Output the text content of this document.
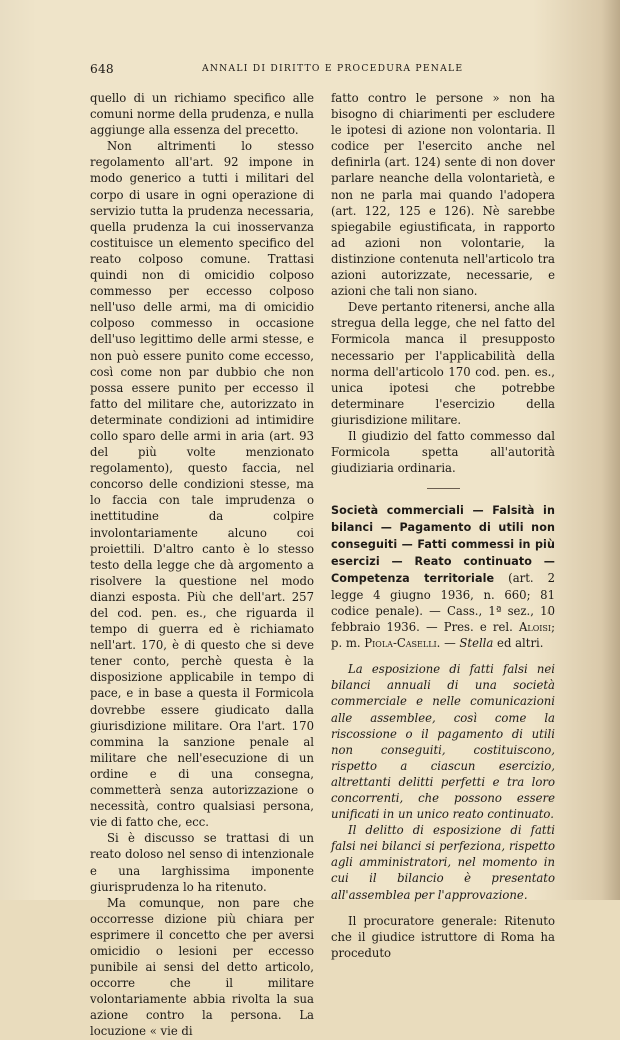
648	ANNALI DI DIRITTO E PROCEDURA PENALE

quello di un richiamo specifico alle comuni norme della prudenza, e nulla aggiunge alla essenza del precetto.

Non altrimenti lo stesso regolamento all'art. 92 impone in modo generico a tutti i militari del corpo di usare in ogni operazione di servizio tutta la prudenza necessaria, quella prudenza la cui inosservanza costituisce un elemento specifico del reato colposo comune. Trattasi quindi non di omicidio colposo commesso per eccesso colposo nell'uso delle armi, ma di omicidio colposo commesso in occasione dell'uso legittimo delle armi stesse, e non può essere punito come eccesso, così come non par dubbio che non possa essere punito per eccesso il fatto del militare che, autorizzato in determinate condizioni ad intimidire collo sparo delle armi in aria (art. 93 del più volte menzionato regolamento), questo faccia, nel concorso delle condizioni stesse, ma lo faccia con tale imprudenza o inettitudine da colpire involontariamente alcuno coi proiettili. D'altro canto è lo stesso testo della legge che dà argomento a risolvere la questione nel modo dianzi esposta. Più che dell'art. 257 del cod. pen. es., che riguarda il tempo di guerra ed è richiamato nell'art. 170, è di questo che si deve tener conto, perchè questa è la disposizione applicabile in tempo di pace, e in base a questa il Formicola dovrebbe essere giudicato dalla giurisdizione militare. Ora l'art. 170 commina la sanzione penale al militare che nell'esecuzione di un ordine e di una consegna, commetterà senza autorizzazione o necessità, contro qualsiasi persona, vie di fatto che, ecc.

Si è discusso se trattasi di un reato doloso nel senso di intenzionale e una larghissima imponente giurisprudenza lo ha ritenuto.

Ma comunque, non pare che occorresse dizione più chiara per esprimere il concetto che per aversi omicidio o lesioni per eccesso punibile ai sensi del detto articolo, occorre che il militare volontariamente abbia rivolta la sua azione contro la persona. La locuzione « vie di

fatto contro le persone » non ha bisogno di chiarimenti per escludere le ipotesi di azione non volontaria. Il codice per l'esercito anche nel definirla (art. 124) sente di non dover parlare neanche della volontarietà, e non ne parla mai quando l'adopera (art. 122, 125 e 126). Nè sarebbe spiegabile egiustificata, in rapporto ad azioni non volontarie, la distinzione contenuta nell'articolo tra azioni autorizzate, necessarie, e azioni che tali non siano.

Deve pertanto ritenersi, anche alla stregua della legge, che nel fatto del Formicola manca il presupposto necessario per l'applicabilità della norma dell'articolo 170 cod. pen. es., unica ipotesi che potrebbe determinare l'esercizio della giurisdizione militare.

Il giudizio del fatto commesso dal Formicola spetta all'autorità giudiziaria ordinaria.

Società commerciali — Falsità in bilanci — Pagamento di utili non conseguiti — Fatti commessi in più esercizi — Reato continuato — Competenza territoriale (art. 2 legge 4 giugno 1936, n. 660; 81 codice penale). — Cass., 1ª sez., 10 febbraio 1936. — Pres. e rel. Aloisi; p. m. Piola-Caselli. — Stella ed altri.

La esposizione di fatti falsi nei bilanci annuali di una società commerciale e nelle comunicazioni alle assemblee, così come la riscossione o il pagamento di utili non conseguiti, costituiscono, rispetto a ciascun esercizio, altrettanti delitti perfetti e tra loro concorrenti, che possono essere unificati in un unico reato continuato.

Il delitto di esposizione di fatti falsi nei bilanci si perfeziona, rispetto agli amministratori, nel momento in cui il bilancio è presentato all'assemblea per l'approvazione.

Il procuratore generale: Ritenuto che il giudice istruttore di Roma ha proceduto
